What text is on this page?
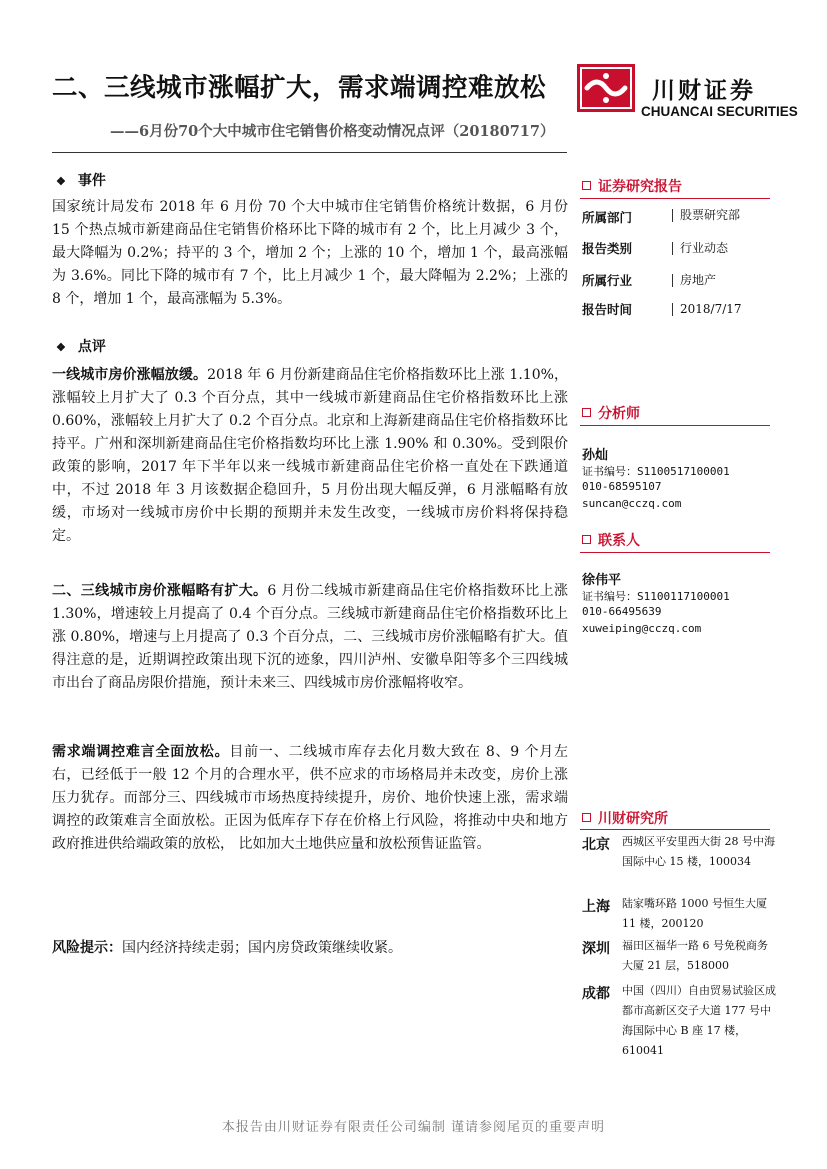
二、三线城市涨幅扩大，需求端调控难放松
——6月份70个大中城市住宅销售价格变动情况点评（20180717）
川财证券
CHUANCAI SECURITIES
❖ 事件
国家统计局发布 2018 年 6 月份 70 个大中城市住宅销售价格统计数据，6 月份 15 个热点城市新建商品住宅销售价格环比下降的城市有 2 个，比上月减少 3 个，最大降幅为 0.2%；持平的 3 个，增加 2 个；上涨的 10 个，增加 1 个，最高涨幅为 3.6%。同比下降的城市有 7 个，比上月减少 1 个，最大降幅为 2.2%；上涨的 8 个，增加 1 个，最高涨幅为 5.3%。
❖ 点评
一线城市房价涨幅放缓。2018 年 6 月份新建商品住宅价格指数环比上涨 1.10%，涨幅较上月扩大了 0.3 个百分点，其中一线城市新建商品住宅价格指数环比上涨 0.60%，涨幅较上月扩大了 0.2 个百分点。北京和上海新建商品住宅价格指数环比持平。广州和深圳新建商品住宅价格指数均环比上涨 1.90% 和 0.30%。受到限价政策的影响，2017 年下半年以来一线城市新建商品住宅价格一直处在下跌通道中，不过 2018 年 3 月该数据企稳回升，5 月份出现大幅反弹，6 月涨幅略有放缓，市场对一线城市房价中长期的预期并未发生改变，一线城市房价料将保持稳定。
二、三线城市房价涨幅略有扩大。6 月份二线城市新建商品住宅价格指数环比上涨 1.30%，增速较上月提高了 0.4 个百分点。三线城市新建商品住宅价格指数环比上涨 0.80%，增速与上月提高了 0.3 个百分点，二、三线城市房价涨幅略有扩大。值得注意的是，近期调控政策出现下沉的迹象，四川泸州、安徽阜阳等多个三四线城市出台了商品房限价措施，预计未来三、四线城市房价涨幅将收窄。
需求端调控难言全面放松。目前一、二线城市库存去化月数大致在 8、9 个月左右，已经低于一般 12 个月的合理水平，供不应求的市场格局并未改变，房价上涨压力犹存。而部分三、四线城市市场热度持续提升，房价、地价快速上涨，需求端调控的政策难言全面放松。正因为低库存下存在价格上行风险，将推动中央和地方政府推进供给端政策的放松， 比如加大土地供应量和放松预售证监管。
风险提示：国内经济持续走弱；国内房贷政策继续收紧。
证券研究报告
所属部门	股票研究部
报告类别	行业动态
所属行业	房地产
报告时间	2018/7/17
分析师
孙灿
证书编号：S1100517100001
010-68595107
suncan@cczq.com
联系人
徐伟平
证书编号：S1100117100001
010-66495639
xuweiping@cczq.com
川财研究所
北京 西城区平安里西大街 28 号中海国际中心 15 楼，100034
上海 陆家嘴环路 1000 号恒生大厦 11 楼，200120
深圳 福田区福华一路 6 号免税商务大厦 21 层，518000
成都 中国（四川）自由贸易试验区成都市高新区交子大道 177 号中海国际中心 B 座 17 楼，610041
本报告由川财证券有限责任公司编制 谨请参阅尾页的重要声明
